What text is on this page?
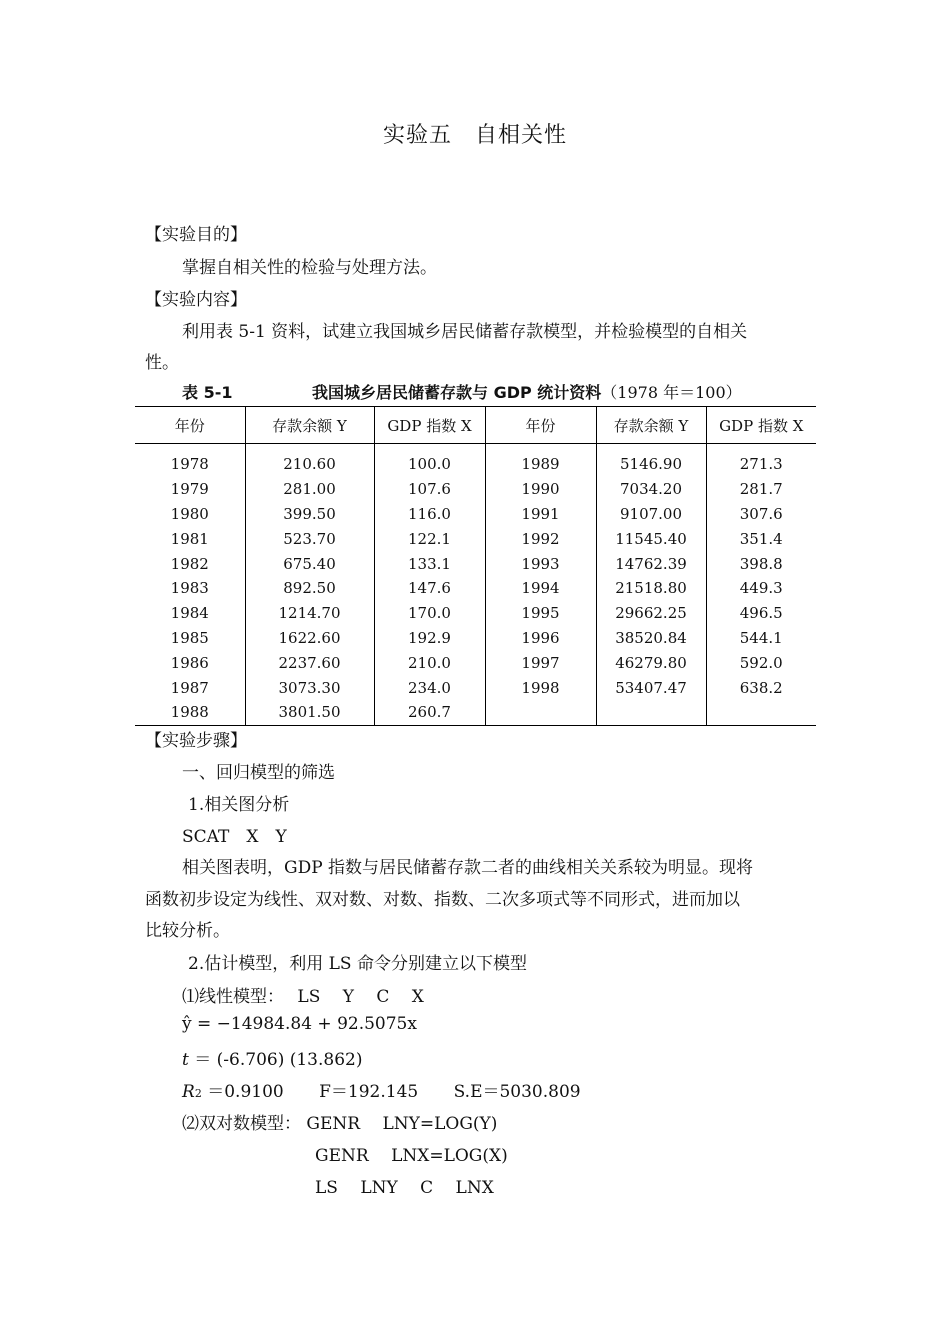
实验五　自相关性
【实验目的】
掌握自相关性的检验与处理方法。
【实验内容】
利用表 5-1 资料，试建立我国城乡居民储蓄存款模型，并检验模型的自相关
性。
表 5-1	我国城乡居民储蓄存款与 GDP 统计资料（1978 年＝100）
年份	存款余额 Y	GDP 指数 X	年份	存款余额 Y	GDP 指数 X
1978	210.60	100.0	1989	5146.90	271.3
1979	281.00	107.6	1990	7034.20	281.7
1980	399.50	116.0	1991	9107.00	307.6
1981	523.70	122.1	1992	11545.40	351.4
1982	675.40	133.1	1993	14762.39	398.8
1983	892.50	147.6	1994	21518.80	449.3
1984	1214.70	170.0	1995	29662.25	496.5
1985	1622.60	192.9	1996	38520.84	544.1
1986	2237.60	210.0	1997	46279.80	592.0
1987	3073.30	234.0	1998	53407.47	638.2
1988	3801.50	260.7			
【实验步骤】
一、回归模型的筛选
1.相关图分析
SCAT　X　Y
相关图表明，GDP 指数与居民储蓄存款二者的曲线相关关系较为明显。现将
函数初步设定为线性、双对数、对数、指数、二次多项式等不同形式，进而加以
比较分析。
2.估计模型，利用 LS 命令分别建立以下模型
⑴线性模型： LS　 Y　 C　 X
ŷ = −14984.84 + 92.5075x
t ＝ (-6.706) (13.862)
R2 ＝0.9100 F＝192.145 S.E＝5030.809
⑵双对数模型： GENR　 LNY=LOG(Y)
GENR　 LNX=LOG(X)
LS　 LNY　 C　 LNX
